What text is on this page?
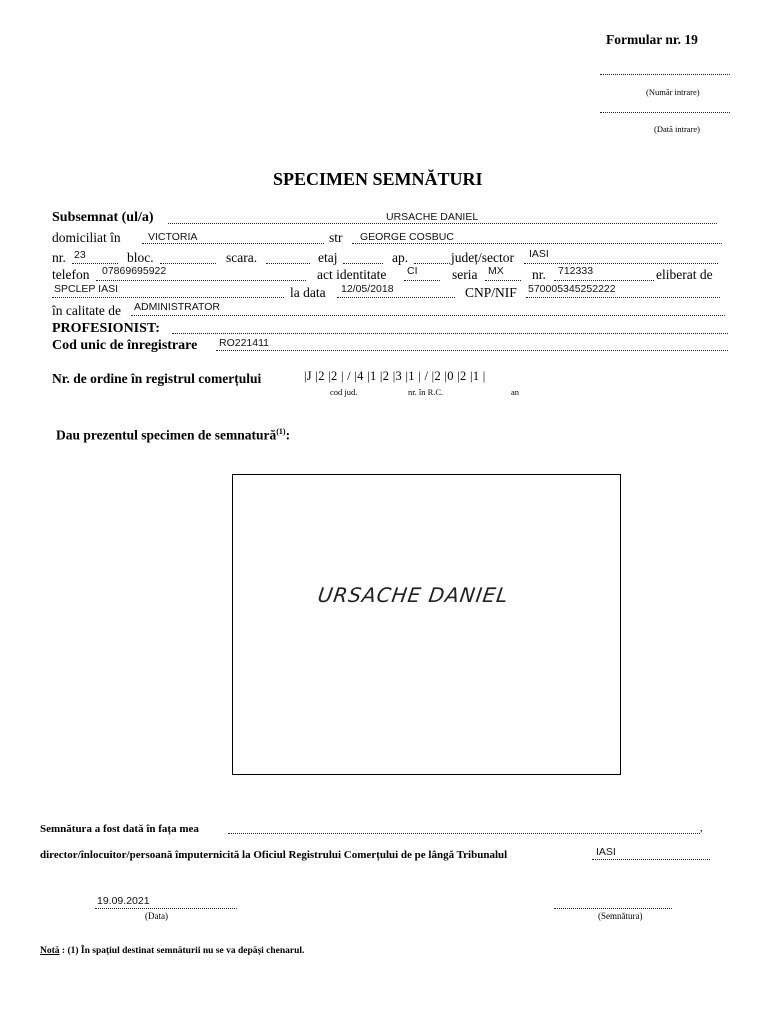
Formular nr. 19
(Număr intrare)
(Dată intrare)
SPECIMEN SEMNĂTURI
Subsemnat (ul/a)	URSACHE DANIEL
domiciliat în	VICTORIA	str GEORGE COSBUC
nr. 23	bloc.	scara.	etaj	ap.	județ/sector IASI
telefon 07869695922	act identitate CI	seria MX nr. 712333	eliberat de
SPCLEP IASI	la data 12/05/2018	CNP/NIF 570005345252222
în calitate de ADMINISTRATOR
PROFESIONIST:
Cod unic de înregistrare RO221411
Nr. de ordine în registrul comerțului	|J |2 |2 | / |4 |1 |2 |3 |1 | / |2 |0 |2 |1 |
cod jud.	nr. în R.C.	an
Dau prezentul specimen de semnatură$^{(1)}$:
URSACHE DANIEL
Semnătura a fost dată în fața mea	,
director/înlocuitor/persoană împuternicită la Oficiul Registrului Comerțului de pe lângă Tribunalul	IASI
19.09.2021
(Data)	(Semnătura)
Notă : (1) În spațiul destinat semnăturii nu se va depăși chenarul.
